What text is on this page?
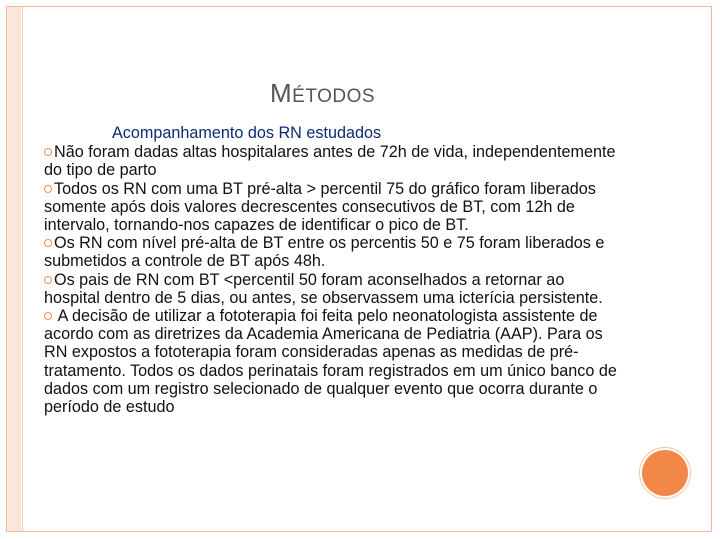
MÉTODOS
Acompanhamento dos RN estudados

Não foram dadas altas hospitalares antes de 72h de vida, independentemente do tipo de parto

Todos os RN com uma BT pré-alta > percentil 75 do gráfico foram liberados somente após dois valores decrescentes consecutivos de BT, com 12h de intervalo, tornando-nos capazes de identificar o pico de BT.

Os RN com nível pré-alta de BT entre os percentis 50 e 75 foram liberados e submetidos a controle de BT após 48h.

Os pais de RN com BT <percentil 50 foram aconselhados a retornar ao hospital dentro de 5 dias, ou antes, se observassem uma icterícia persistente.

A decisão de utilizar a fototerapia foi feita pelo neonatologista assistente de acordo com as diretrizes da Academia Americana de Pediatria (AAP). Para os RN expostos a fototerapia foram consideradas apenas as medidas de pré-tratamento. Todos os dados perinatais foram registrados em um único banco de dados com um registro selecionado de qualquer evento que ocorra durante o período de estudo
